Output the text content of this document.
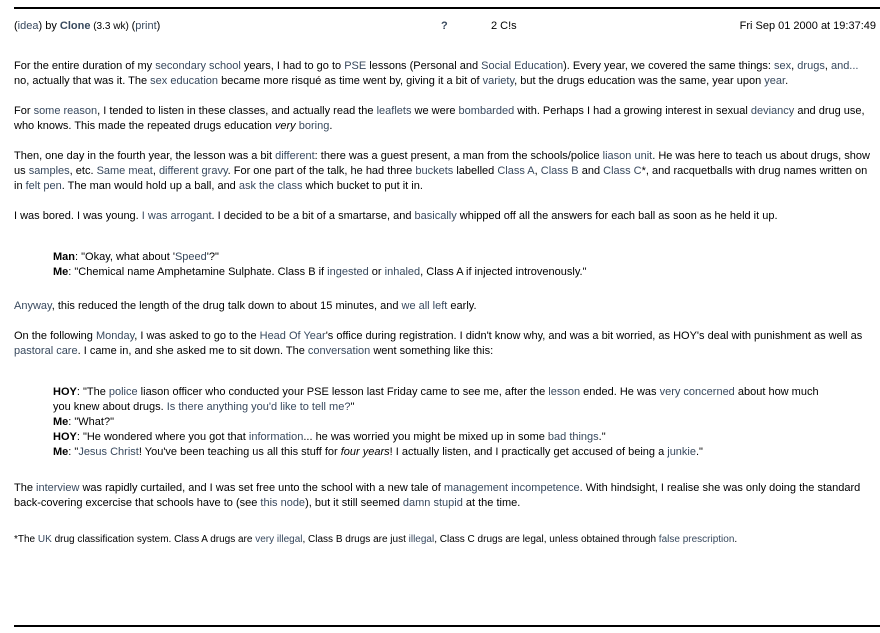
(idea) by Clone (3.3 wk) (print)	?	2 C!s	Fri Sep 01 2000 at 19:37:49

For the entire duration of my secondary school years, I had to go to PSE lessons (Personal and Social Education). Every year, we covered the same things: sex, drugs, and... no, actually that was it. The sex education became more risqué as time went by, giving it a bit of variety, but the drugs education was the same, year upon year.

For some reason, I tended to listen in these classes, and actually read the leaflets we were bombarded with. Perhaps I had a growing interest in sexual deviancy and drug use, who knows. This made the repeated drugs education very boring.

Then, one day in the fourth year, the lesson was a bit different: there was a guest present, a man from the schools/police liason unit. He was here to teach us about drugs, show us samples, etc. Same meat, different gravy. For one part of the talk, he had three buckets labelled Class A, Class B and Class C*, and racquetballs with drug names written on in felt pen. The man would hold up a ball, and ask the class which bucket to put it in.

I was bored. I was young. I was arrogant. I decided to be a bit of a smartarse, and basically whipped off all the answers for each ball as soon as he held it up.

Man: "Okay, what about 'Speed'?"
Me: "Chemical name Amphetamine Sulphate. Class B if ingested or inhaled, Class A if injected introvenously."

Anyway, this reduced the length of the drug talk down to about 15 minutes, and we all left early.

On the following Monday, I was asked to go to the Head Of Year's office during registration. I didn't know why, and was a bit worried, as HOY's deal with punishment as well as pastoral care. I came in, and she asked me to sit down. The conversation went something like this:

HOY: "The police liason officer who conducted your PSE lesson last Friday came to see me, after the lesson ended. He was very concerned about how much you knew about drugs. Is there anything you'd like to tell me?"
Me: "What?"
HOY: "He wondered where you got that information... he was worried you might be mixed up in some bad things."
Me: "Jesus Christ! You've been teaching us all this stuff for four years! I actually listen, and I practically get accused of being a junkie."

The interview was rapidly curtailed, and I was set free unto the school with a new tale of management incompetence. With hindsight, I realise she was only doing the standard back-covering excercise that schools have to (see this node), but it still seemed damn stupid at the time.

*The UK drug classification system. Class A drugs are very illegal, Class B drugs are just illegal, Class C drugs are legal, unless obtained through false prescription.
